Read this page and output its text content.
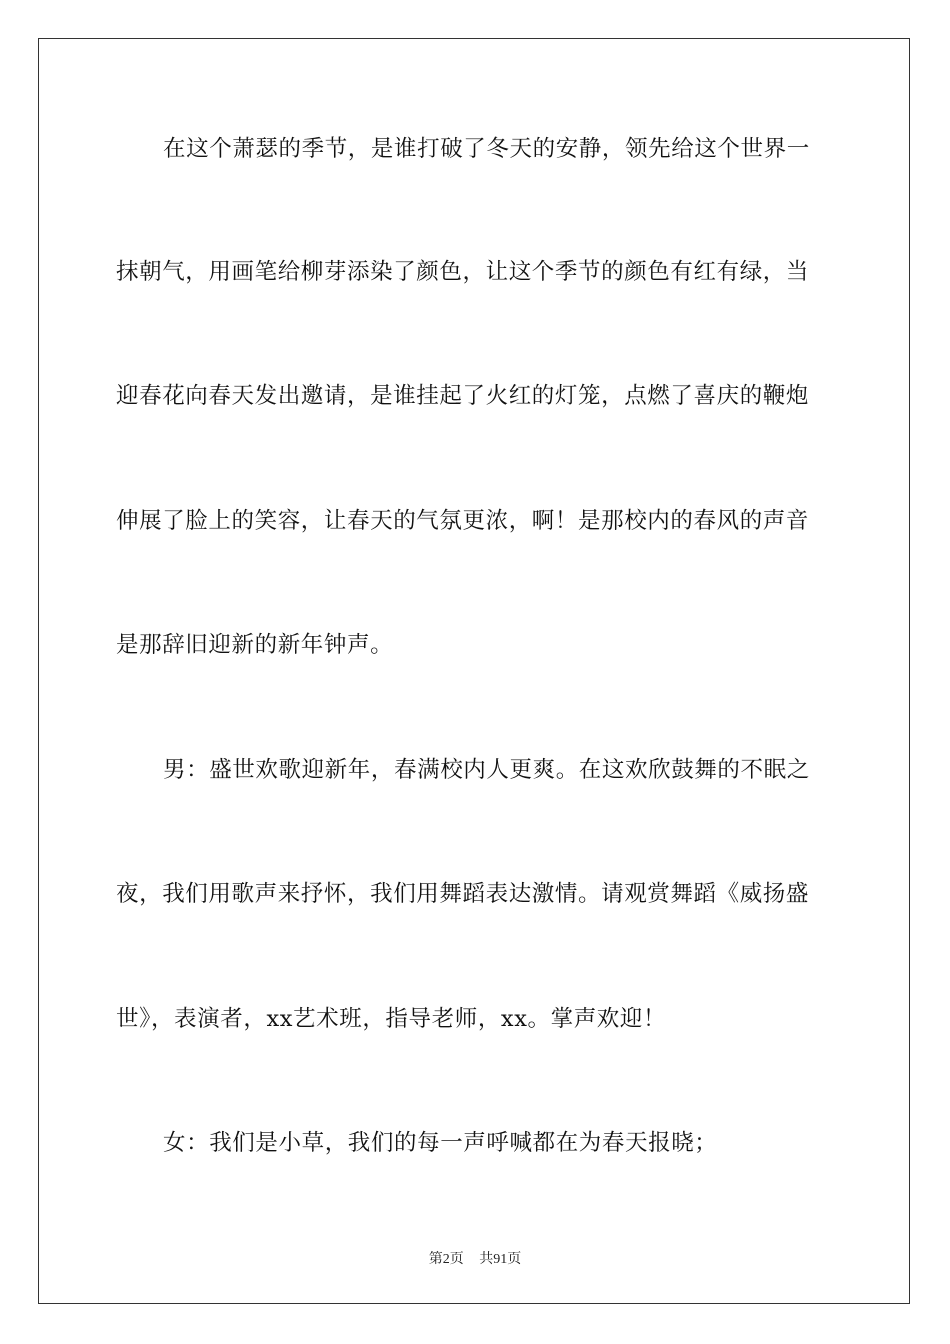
在这个萧瑟的季节，是谁打破了冬天的安静，领先给这个世界一
抹朝气，用画笔给柳芽添染了颜色，让这个季节的颜色有红有绿，当
迎春花向春天发出邀请，是谁挂起了火红的灯笼，点燃了喜庆的鞭炮
伸展了脸上的笑容，让春天的气氛更浓，啊！是那校内的春风的声音
是那辞旧迎新的新年钟声。
男：盛世欢歌迎新年，春满校内人更爽。在这欢欣鼓舞的不眠之
夜，我们用歌声来抒怀，我们用舞蹈表达激情。请观赏舞蹈《威扬盛
世》，表演者，xx艺术班，指导老师，xx。掌声欢迎！
女：我们是小草，我们的每一声呼喊都在为春天报晓；
第2页 共91页
